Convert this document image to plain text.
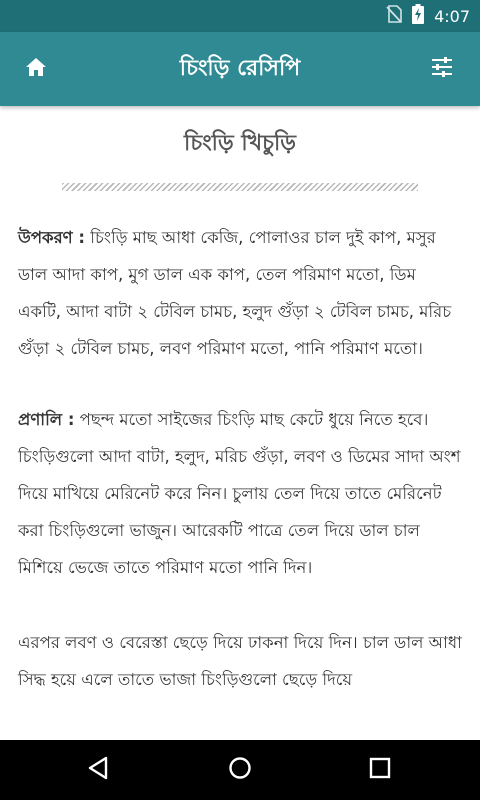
4:07
চিংড়ি রেসিপি
চিংড়ি খিচুড়ি

উপকরণ : চিংড়ি মাছ আধা কেজি, পোলাওর চাল দুই কাপ, মসুর ডাল আদা কাপ, মুগ ডাল এক কাপ, তেল পরিমাণ মতো, ডিম একটি, আদা বাটা ২ টেবিল চামচ, হলুদ গুঁড়া ২ টেবিল চামচ, মরিচ গুঁড়া ২ টেবিল চামচ, লবণ পরিমাণ মতো, পানি পরিমাণ মতো।

প্রণালি : পছন্দ মতো সাইজের চিংড়ি মাছ কেটে ধুয়ে নিতে হবে। চিংড়িগুলো আদা বাটা, হলুদ, মরিচ গুঁড়া, লবণ ও ডিমের সাদা অংশ দিয়ে মাখিয়ে মেরিনেট করে নিন। চুলায় তেল দিয়ে তাতে মেরিনেট করা চিংড়িগুলো ভাজুন। আরেকটি পাত্রে তেল দিয়ে ডাল চাল মিশিয়ে ভেজে তাতে পরিমাণ মতো পানি দিন।

এরপর লবণ ও বেরেস্তা ছেড়ে দিয়ে ঢাকনা দিয়ে দিন। চাল ডাল আধা সিদ্ধ হয়ে এলে তাতে ভাজা চিংড়িগুলো ছেড়ে দিয়ে
